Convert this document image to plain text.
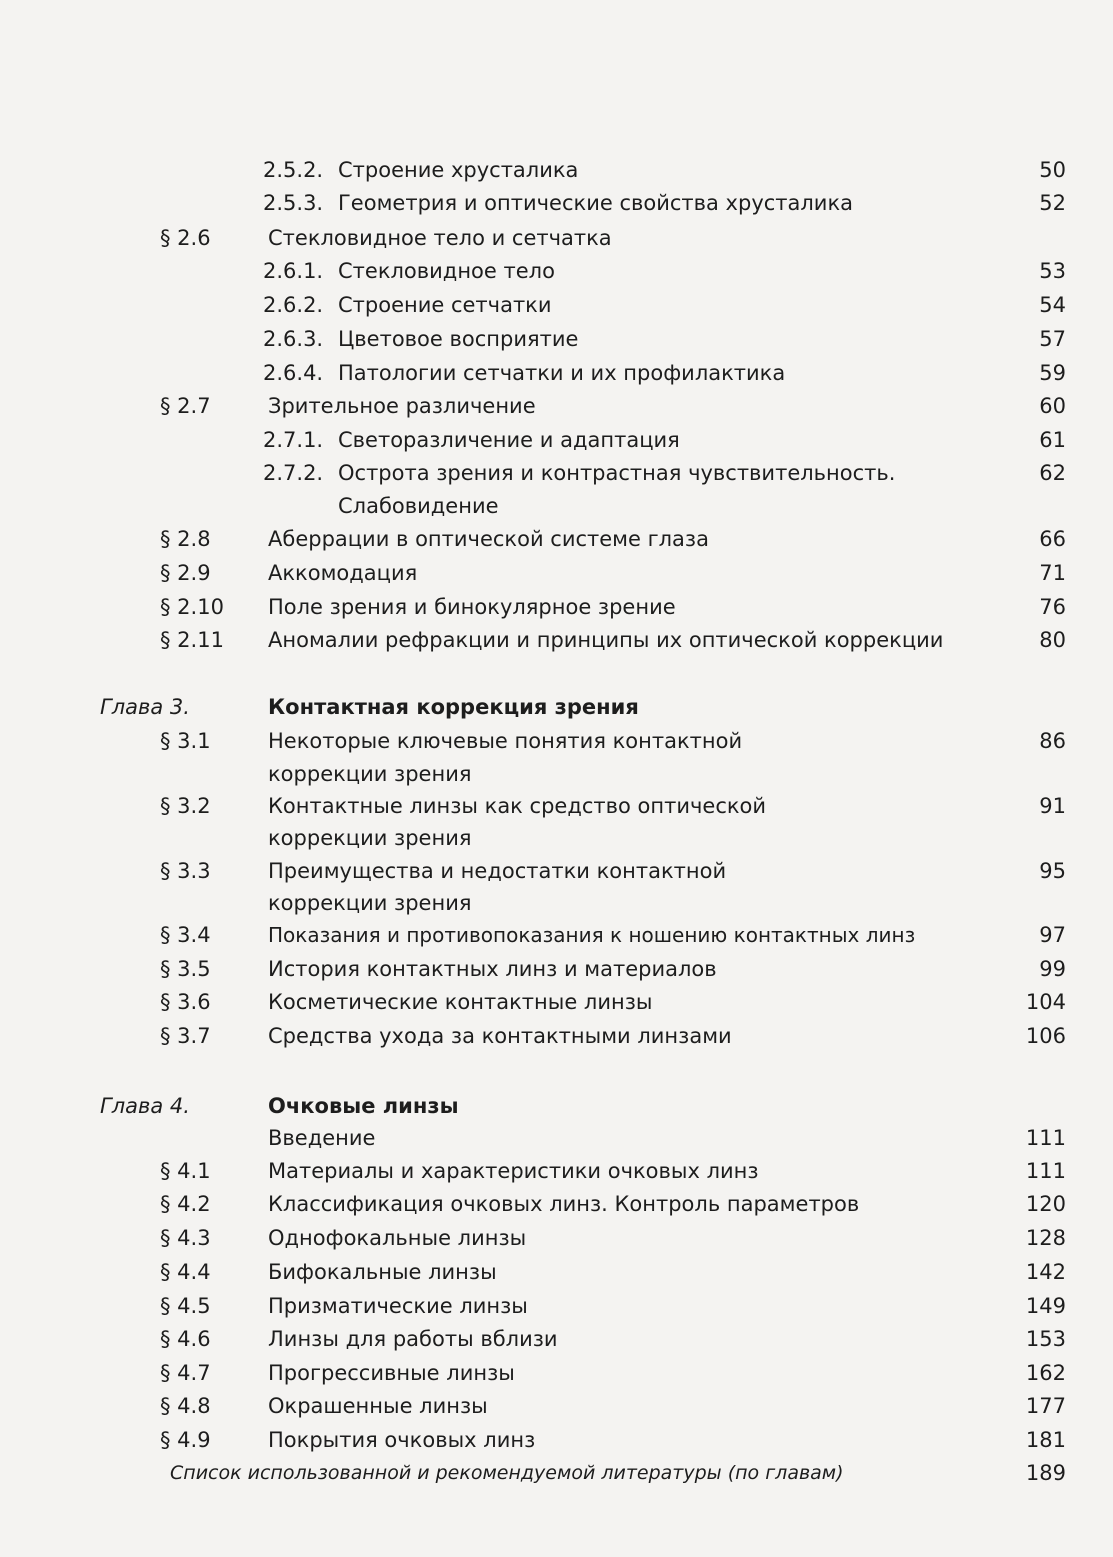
2.5.2. Строение хрусталика	50
2.5.3. Геометрия и оптические свойства хрусталика	52
§ 2.6	Стекловидное тело и сетчатка
2.6.1. Стекловидное тело	53
2.6.2. Строение сетчатки	54
2.6.3. Цветовое восприятие	57
2.6.4. Патологии сетчатки и их профилактика	59
§ 2.7	Зрительное различение	60
2.7.1. Светоразличение и адаптация	61
2.7.2. Острота зрения и контрастная чувствительность.	62
Слабовидение
§ 2.8	Аберрации в оптической системе глаза	66
§ 2.9	Аккомодация	71
§ 2.10 Поле зрения и бинокулярное зрение	76
§ 2.11 Аномалии рефракции и принципы их оптической коррекции	80
Глава 3.	Контактная коррекция зрения
§ 3.1	Некоторые ключевые понятия контактной	86
коррекции зрения
§ 3.2	Контактные линзы как средство оптической	91
коррекции зрения
§ 3.3	Преимущества и недостатки контактной	95
коррекции зрения
§ 3.4	Показания и противопоказания к ношению контактных линз	97
§ 3.5	История контактных линз и материалов	99
§ 3.6	Косметические контактные линзы	104
§ 3.7	Средства ухода за контактными линзами	106
Глава 4.	Очковые линзы
Введение	111
§ 4.1	Материалы и характеристики очковых линз	111
§ 4.2	Классификация очковых линз. Контроль параметров	120
§ 4.3	Однофокальные линзы	128
§ 4.4	Бифокальные линзы	142
§ 4.5	Призматические линзы	149
§ 4.6	Линзы для работы вблизи	153
§ 4.7	Прогрессивные линзы	162
§ 4.8	Окрашенные линзы	177
§ 4.9	Покрытия очковых линз	181
Список использованной и рекомендуемой литературы (по главам)	189
